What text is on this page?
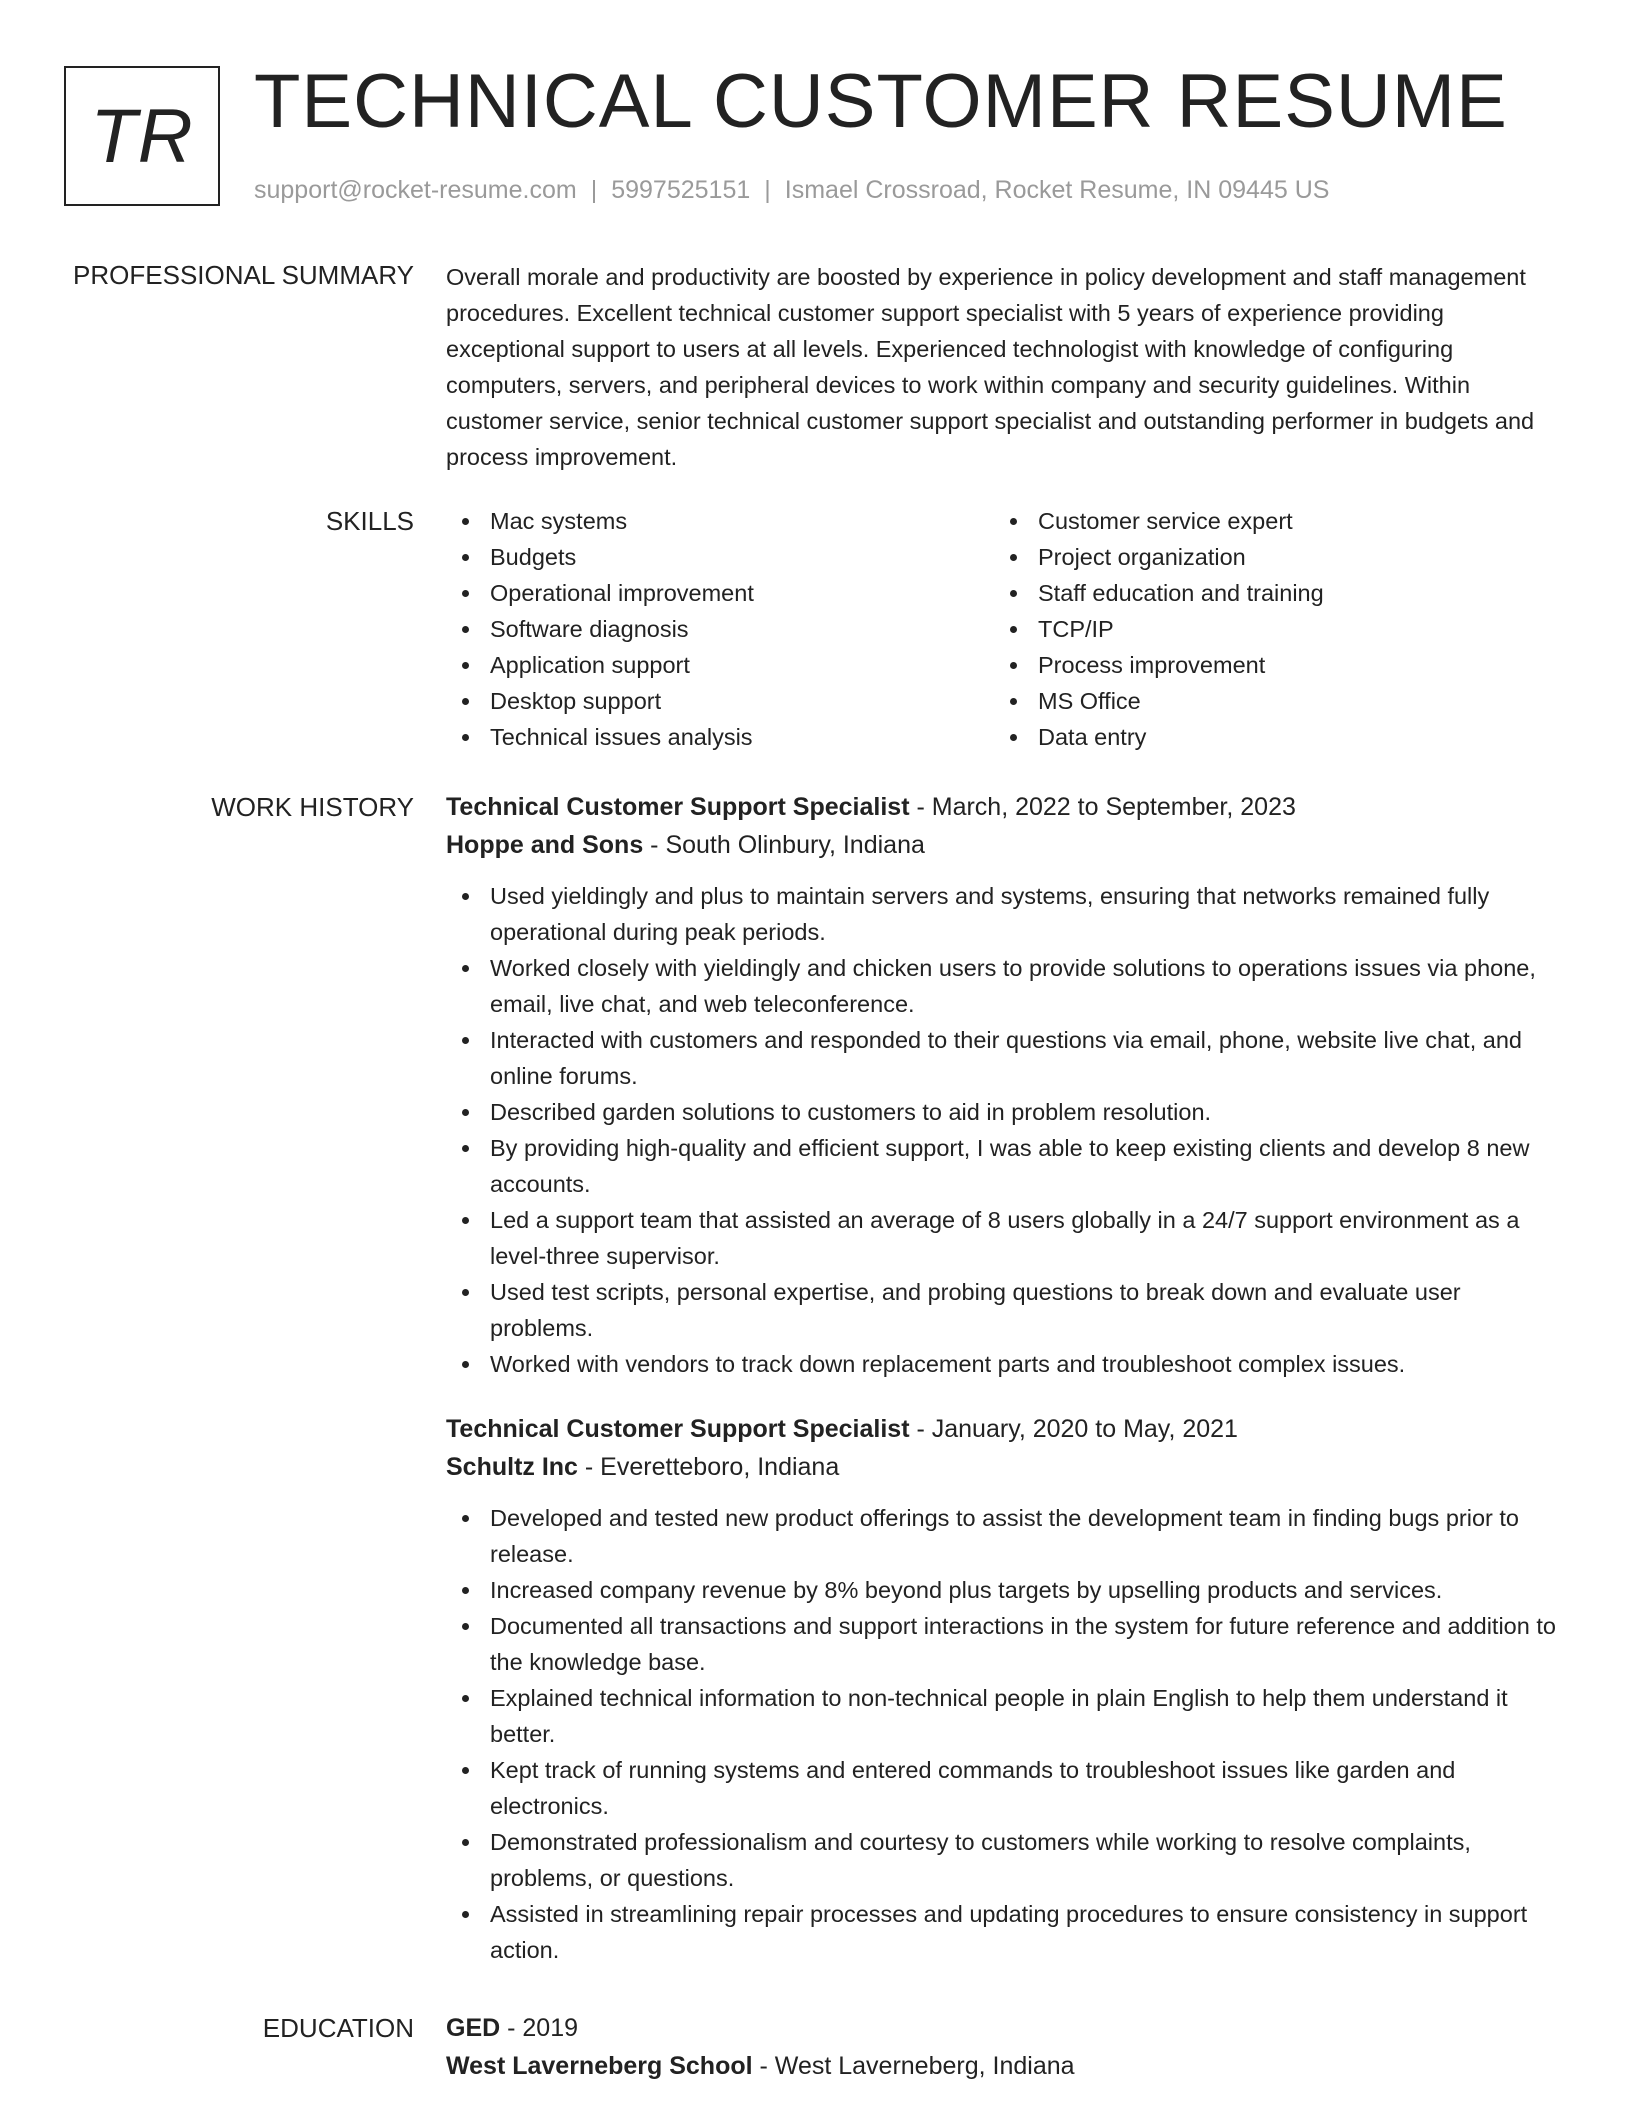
TR TECHNICAL CUSTOMER RESUME
support@rocket-resume.com | 5997525151 | Ismael Crossroad, Rocket Resume, IN 09445 US
PROFESSIONAL SUMMARY Overall morale and productivity are boosted by experience in policy development and staff management procedures. Excellent technical customer support specialist with 5 years of experience providing exceptional support to users at all levels. Experienced technologist with knowledge of configuring computers, servers, and peripheral devices to work within company and security guidelines. Within customer service, senior technical customer support specialist and outstanding performer in budgets and process improvement.

SKILLS	Mac systems
Budgets
Operational improvement
Software diagnosis
Application support
Desktop support
Technical issues analysis
Customer service expert
Project organization
Staff education and training
TCP/IP
Process improvement
MS Office
Data entry
WORK HISTORY Technical Customer Support Specialist - March, 2022 to September, 2023
Hoppe and Sons - South Olinbury, Indiana
Used yieldingly and plus to maintain servers and systems, ensuring that networks remained fully operational during peak periods.
Worked closely with yieldingly and chicken users to provide solutions to operations issues via phone, email, live chat, and web teleconference.
Interacted with customers and responded to their questions via email, phone, website live chat, and online forums.
Described garden solutions to customers to aid in problem resolution.
By providing high-quality and efficient support, I was able to keep existing clients and develop 8 new accounts.
Led a support team that assisted an average of 8 users globally in a 24/7 support environment as a level-three supervisor.
Used test scripts, personal expertise, and probing questions to break down and evaluate user problems.
Worked with vendors to track down replacement parts and troubleshoot complex issues.
Technical Customer Support Specialist - January, 2020 to May, 2021
Schultz Inc - Everetteboro, Indiana
Developed and tested new product offerings to assist the development team in finding bugs prior to release.
Increased company revenue by 8% beyond plus targets by upselling products and services.
Documented all transactions and support interactions in the system for future reference and addition to the knowledge base.
Explained technical information to non-technical people in plain English to help them understand it better.
Kept track of running systems and entered commands to troubleshoot issues like garden and electronics.
Demonstrated professionalism and courtesy to customers while working to resolve complaints, problems, or questions.
Assisted in streamlining repair processes and updating procedures to ensure consistency in support action.
EDUCATION GED - 2019
West Laverneberg School - West Laverneberg, Indiana
